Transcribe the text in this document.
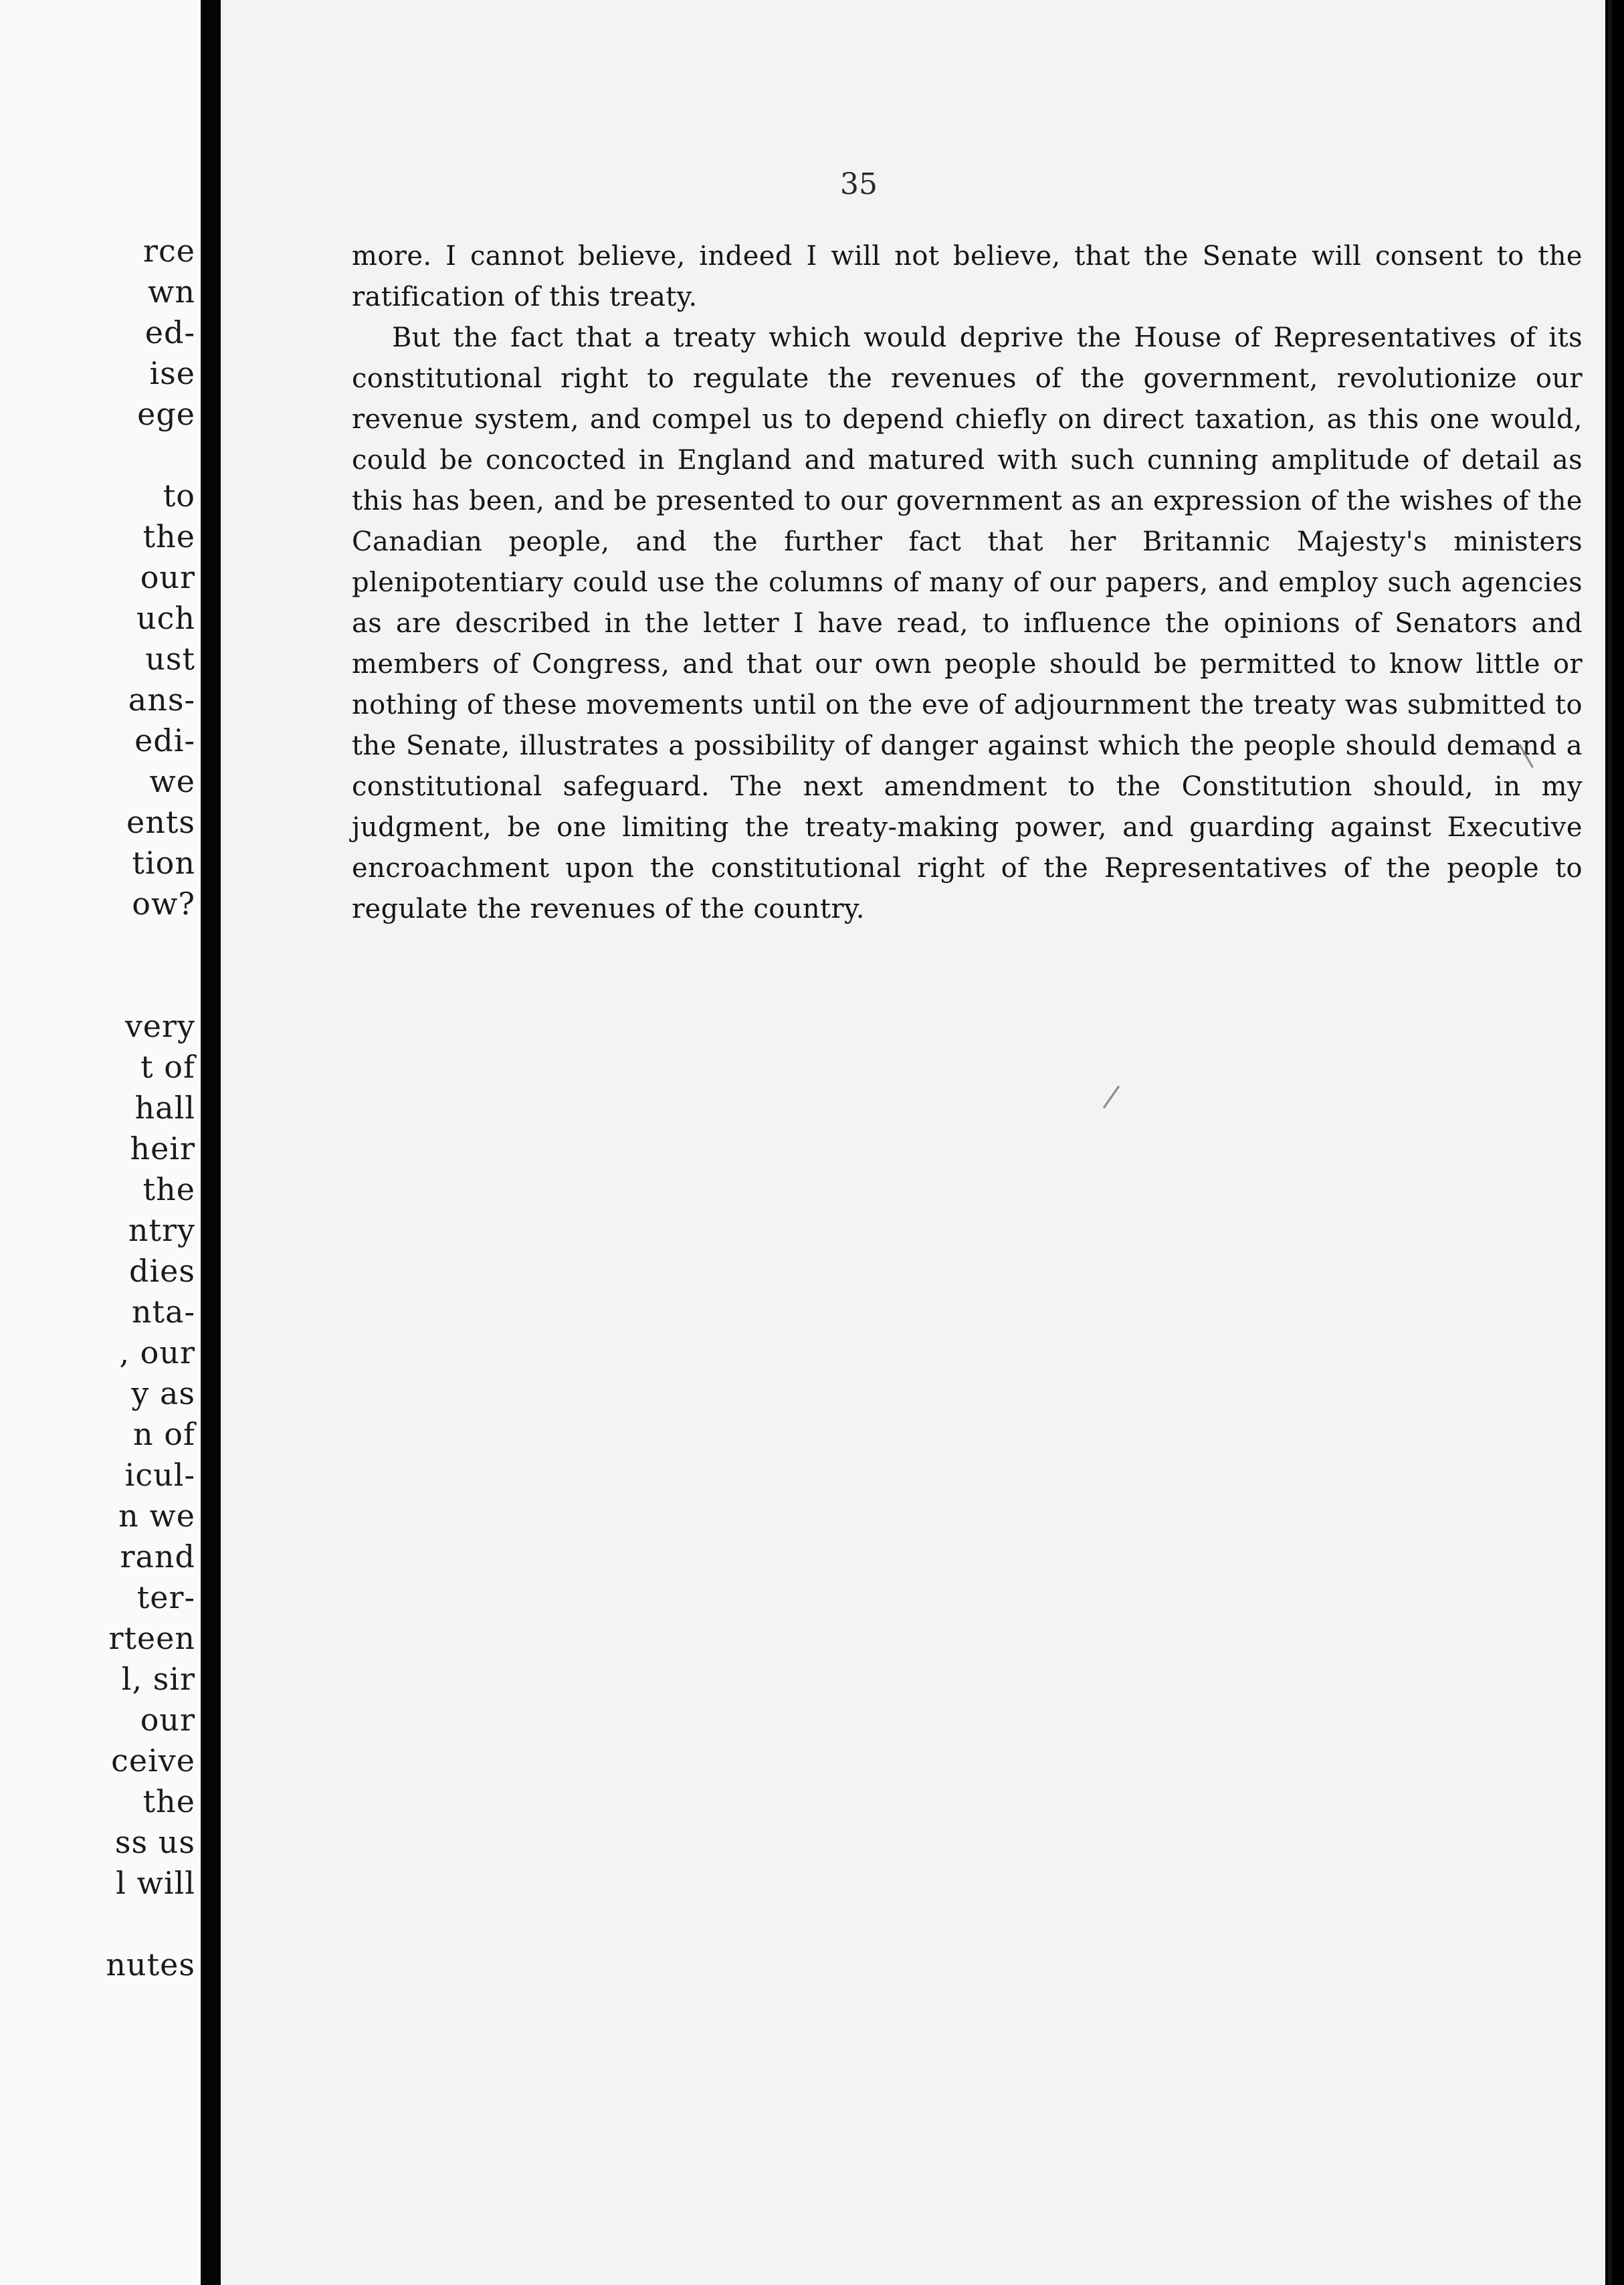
rce
wn
ed-
ise
ege

to
the
our
uch
ust
ans-
edi-
we
ents
tion
ow?

very
t of
hall
heir
the
ntry
dies
nta-
, our
y as
n of
icul-
n we
rand
ter-
rteen
l, sir
our
ceive
the
ss us
l will

nutes
35

more. I cannot believe, indeed I will not believe, that the Senate will consent to the ratification of this treaty.

But the fact that a treaty which would deprive the House of Representatives of its constitutional right to regulate the revenues of the government, revolutionize our revenue system, and compel us to depend chiefly on direct taxation, as this one would, could be concocted in England and matured with such cunning amplitude of detail as this has been, and be presented to our government as an expression of the wishes of the Canadian people, and the further fact that her Britannic Majesty's ministers plenipotentiary could use the columns of many of our papers, and employ such agencies as are described in the letter I have read, to influence the opinions of Senators and members of Congress, and that our own people should be permitted to know little or nothing of these movements until on the eve of adjournment the treaty was submitted to the Senate, illustrates a possibility of danger against which the people should demand a constitutional safeguard. The next amendment to the Constitution should, in my judgment, be one limiting the treaty-making power, and guarding against Executive encroachment upon the constitutional right of the Representatives of the people to regulate the revenues of the country.
